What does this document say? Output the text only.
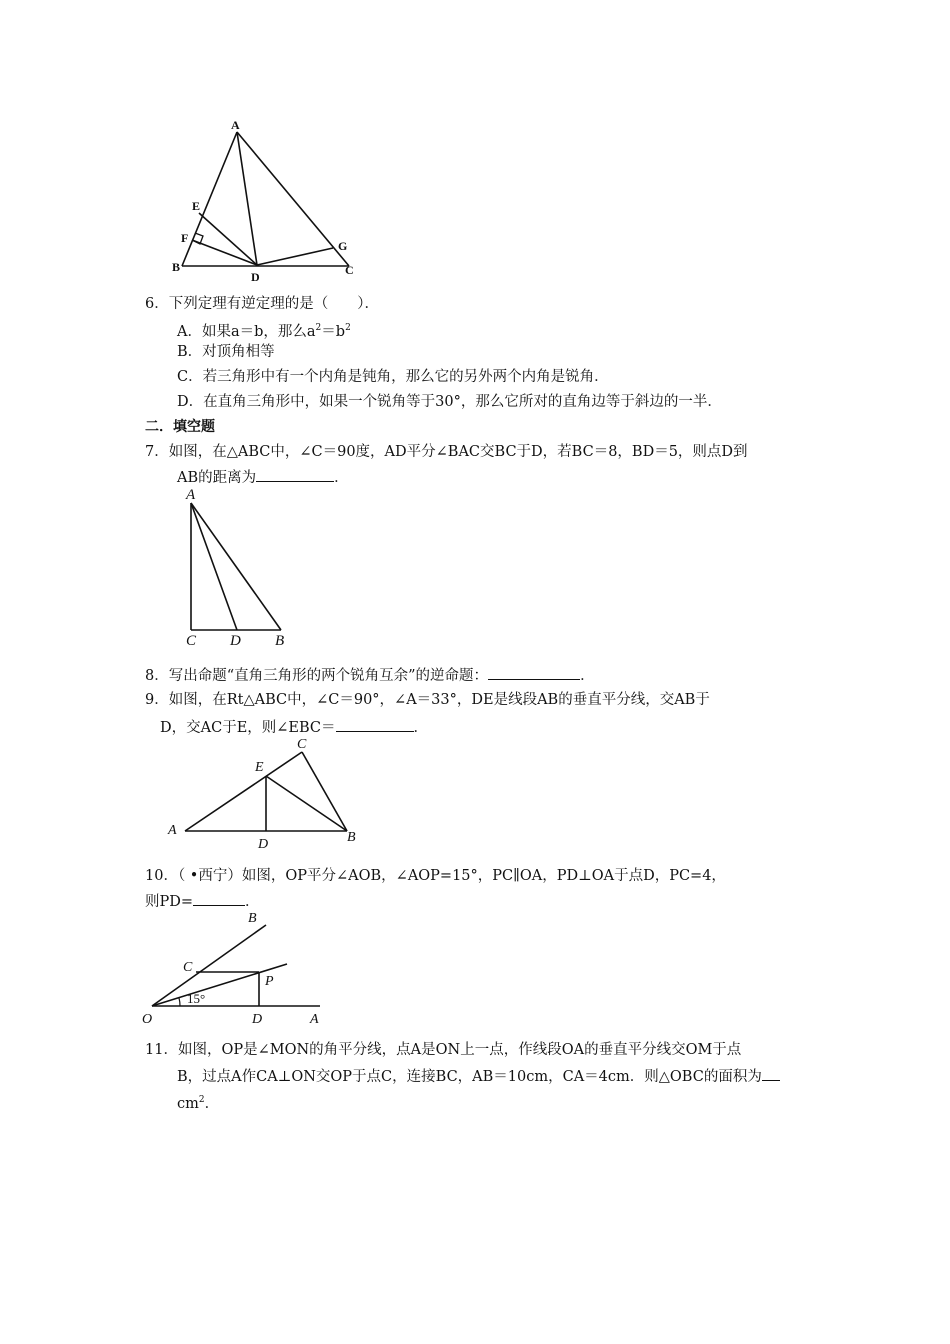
A
E
F
B
D
G
C
6．下列定理有逆定理的是（　　）．
A．如果a＝b，那么$a^2=b^2$
B．对顶角相等
C．若三角形中有一个内角是钝角，那么它的另外两个内角是锐角．
D．在直角三角形中，如果一个锐角等于30°，那么它所对的直角边等于斜边的一半．
二．填空题
7．如图，在△ABC中，∠C＝90度，AD平分∠BAC交BC于D，若BC＝8，BD＝5，则点D到
AB的距离为	．
A
C D B
8．写出命题“直角三角形的两个锐角互余”的逆命题：	．
9．如图，在Rt△ABC中，∠C＝90°，∠A＝33°，DE是线段AB的垂直平分线，交AB于
D，交AC于E，则∠EBC＝	．
A	B
C
E
D
10．（ •西宁）如图，OP平分∠AOB，∠AOP=15°，PC∥OA，PD⊥OA于点D，PC=4，
则PD=	．
B
C
P
O	D	A
15°
11．如图，OP是∠MON的角平分线，点A是ON上一点，作线段OA的垂直平分线交OM于点
B，过点A作CA⊥ON交OP于点C，连接BC，AB＝10cm，CA＝4cm．则△OBC的面积为
$cm^2$．
